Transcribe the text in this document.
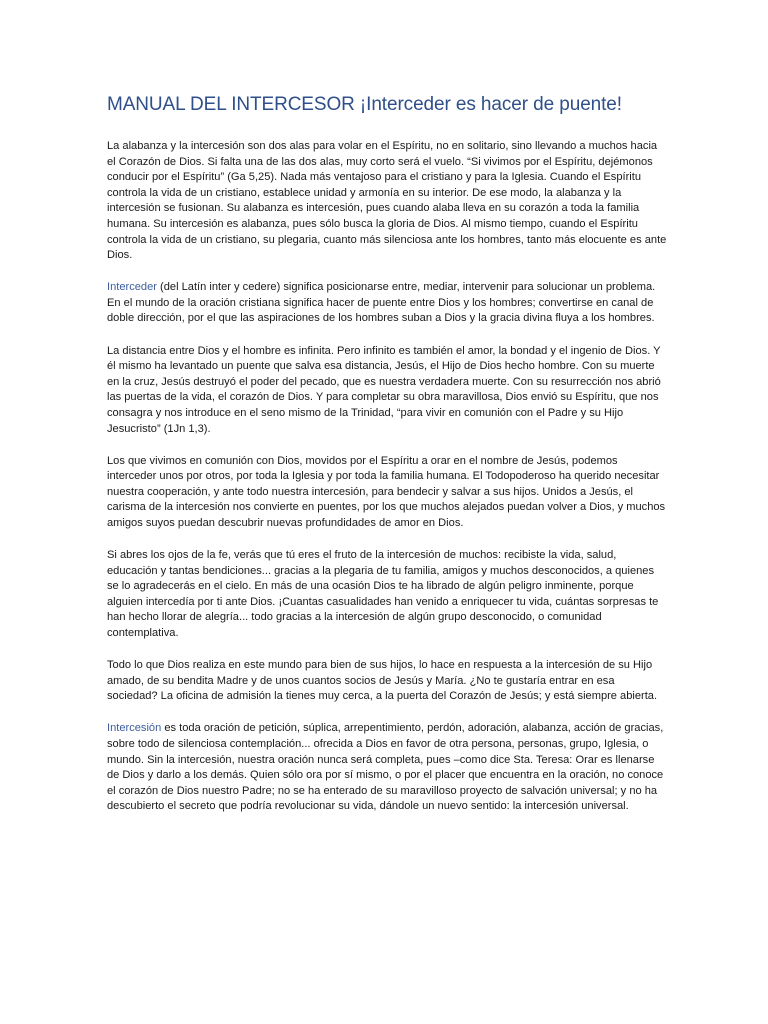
MANUAL DEL INTERCESOR ¡Interceder es hacer de puente!

La alabanza y la intercesión son dos alas para volar en el Espíritu, no en solitario, sino llevando a muchos hacia el Corazón de Dios. Si falta una de las dos alas, muy corto será el vuelo. “Si vivimos por el Espíritu, dejémonos conducir por el Espíritu” (Ga 5,25). Nada más ventajoso para el cristiano y para la Iglesia. Cuando el Espíritu controla la vida de un cristiano, establece unidad y armonía en su interior. De ese modo, la alabanza y la intercesión se fusionan. Su alabanza es intercesión, pues cuando alaba lleva en su corazón a toda la familia humana. Su intercesión es alabanza, pues sólo busca la gloria de Dios. Al mismo tiempo, cuando el Espíritu controla la vida de un cristiano, su plegaria, cuanto más silenciosa ante los hombres, tanto más elocuente es ante Dios.

Interceder (del Latín inter y cedere) significa posicionarse entre, mediar, intervenir para solucionar un problema. En el mundo de la oración cristiana significa hacer de puente entre Dios y los hombres; convertirse en canal de doble dirección, por el que las aspiraciones de los hombres suban a Dios y la gracia divina fluya a los hombres.

La distancia entre Dios y el hombre es infinita. Pero infinito es también el amor, la bondad y el ingenio de Dios. Y él mismo ha levantado un puente que salva esa distancia, Jesús, el Hijo de Dios hecho hombre. Con su muerte en la cruz, Jesús destruyó el poder del pecado, que es nuestra verdadera muerte. Con su resurrección nos abrió las puertas de la vida, el corazón de Dios. Y para completar su obra maravillosa, Dios envió su Espíritu, que nos consagra y nos introduce en el seno mismo de la Trinidad, “para vivir en comunión con el Padre y su Hijo Jesucristo” (1Jn 1,3).

Los que vivimos en comunión con Dios, movidos por el Espíritu a orar en el nombre de Jesús, podemos interceder unos por otros, por toda la Iglesia y por toda la familia humana. El Todopoderoso ha querido necesitar nuestra cooperación, y ante todo nuestra intercesión, para bendecir y salvar a sus hijos. Unidos a Jesús, el carisma de la intercesión nos convierte en puentes, por los que muchos alejados puedan volver a Dios, y muchos amigos suyos puedan descubrir nuevas profundidades de amor en Dios.

Si abres los ojos de la fe, verás que tú eres el fruto de la intercesión de muchos: recibiste la vida, salud, educación y tantas bendiciones... gracias a la plegaria de tu familia, amigos y muchos desconocidos, a quienes se lo agradecerás en el cielo. En más de una ocasión Dios te ha librado de algún peligro inminente, porque alguien intercedía por ti ante Dios. ¡Cuantas casualidades han venido a enriquecer tu vida, cuántas sorpresas te han hecho llorar de alegría... todo gracias a la intercesión de algún grupo desconocido, o comunidad contemplativa.

Todo lo que Dios realiza en este mundo para bien de sus hijos, lo hace en respuesta a la intercesión de su Hijo amado, de su bendita Madre y de unos cuantos socios de Jesús y María. ¿No te gustaría entrar en esa sociedad? La oficina de admisión la tienes muy cerca, a la puerta del Corazón de Jesús; y está siempre abierta.

Intercesión es toda oración de petición, súplica, arrepentimiento, perdón, adoración, alabanza, acción de gracias, sobre todo de silenciosa contemplación... ofrecida a Dios en favor de otra persona, personas, grupo, Iglesia, o mundo. Sin la intercesión, nuestra oración nunca será completa, pues –como dice Sta. Teresa: Orar es llenarse de Dios y darlo a los demás. Quien sólo ora por sí mismo, o por el placer que encuentra en la oración, no conoce el corazón de Dios nuestro Padre; no se ha enterado de su maravilloso proyecto de salvación universal; y no ha descubierto el secreto que podría revolucionar su vida, dándole un nuevo sentido: la intercesión universal.
